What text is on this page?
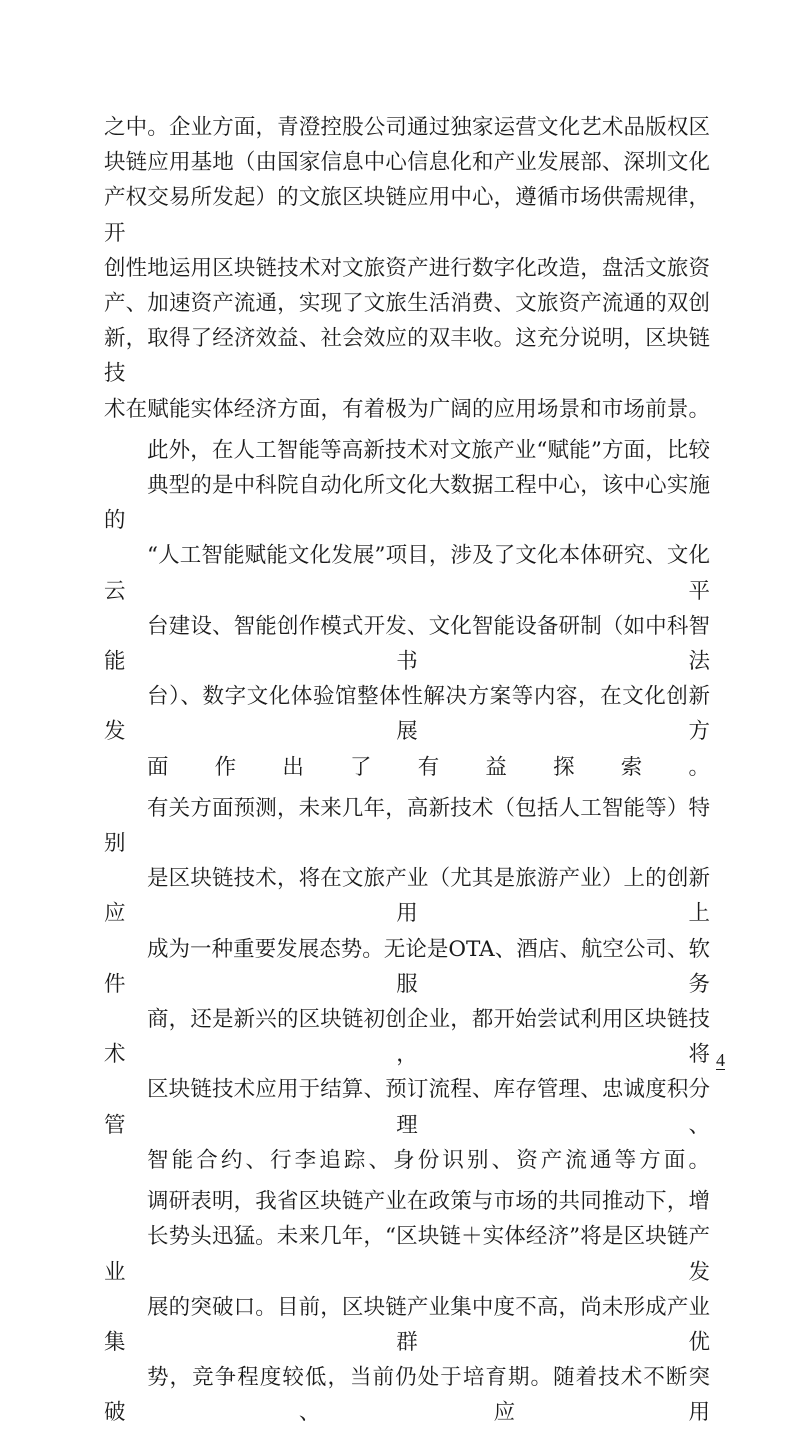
之中。企业方面，青澄控股公司通过独家运营文化艺术品版权区
块链应用基地（由国家信息中心信息化和产业发展部、深圳文化
产权交易所发起）的文旅区块链应用中心，遵循市场供需规律，开
创性地运用区块链技术对文旅资产进行数字化改造，盘活文旅资
产、加速资产流通，实现了文旅生活消费、文旅资产流通的双创
新，取得了经济效益、社会效应的双丰收。这充分说明，区块链技
术在赋能实体经济方面，有着极为广阔的应用场景和市场前景。

此外，在人工智能等高新技术对文旅产业“赋能”方面，比较
典型的是中科院自动化所文化大数据工程中心，该中心实施的
“人工智能赋能文化发展”项目，涉及了文化本体研究、文化云平
台建设、智能创作模式开发、文化智能设备研制（如中科智能书法
台）、数字文化体验馆整体性解决方案等内容，在文化创新发展方
面作出了有益探索。

有关方面预测，未来几年，高新技术（包括人工智能等）特别
是区块链技术，将在文旅产业（尤其是旅游产业）上的创新应用上
成为一种重要发展态势。无论是OTA、酒店、航空公司、软件服务
商，还是新兴的区块链初创企业，都开始尝试利用区块链技术，将
区块链技术应用于结算、预订流程、库存管理、忠诚度积分管理、
智能合约、行李追踪、身份识别、资产流通等方面。

调研表明，我省区块链产业在政策与市场的共同推动下，增
长势头迅猛。未来几年，“区块链＋实体经济”将是区块链产业发
展的突破口。目前，区块链产业集中度不高，尚未形成产业集群优
势，竞争程度较低，当前仍处于培育期。随着技术不断突破、应用

4
